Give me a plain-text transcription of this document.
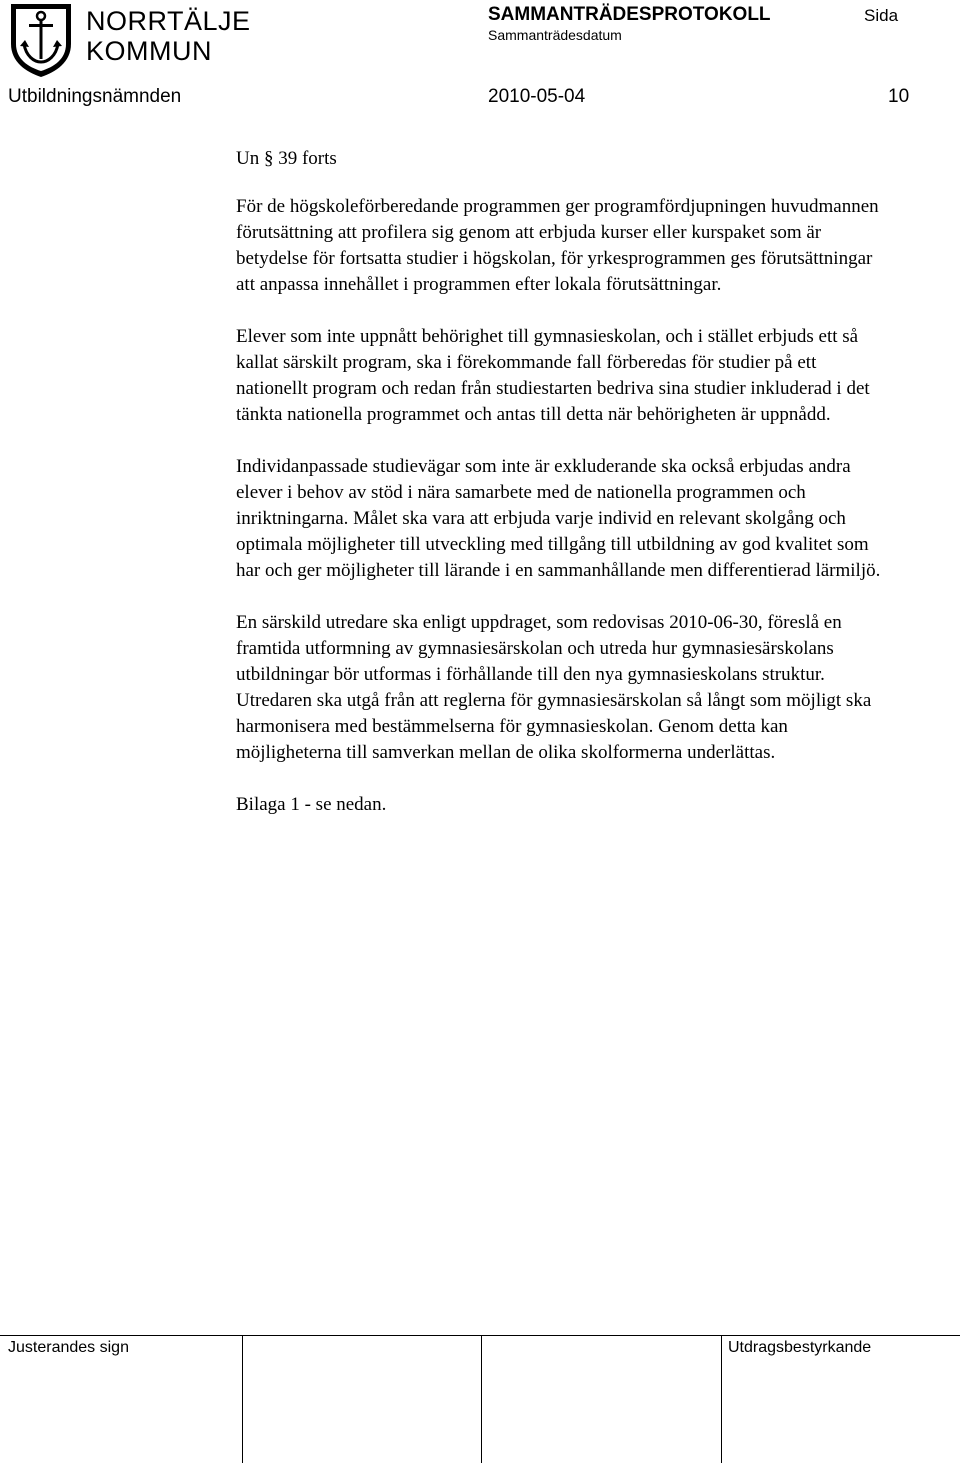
NORRTÄLJE
KOMMUN
SAMMANTRÄDESPROTOKOLL
Sammanträdesdatum
Sida
Utbildningsnämnden	2010-05-04	10
Un § 39 forts

För de högskoleförberedande programmen ger programfördjupningen huvudmannen förutsättning att profilera sig genom att erbjuda kurser eller kurspaket som är betydelse för fortsatta studier i högskolan, för yrkesprogrammen ges förutsättningar att anpassa innehållet i programmen efter lokala förutsättningar.

Elever som inte uppnått behörighet till gymnasieskolan, och i stället erbjuds ett så kallat särskilt program, ska i förekommande fall förberedas för studier på ett nationellt program och redan från studiestarten bedriva sina studier inkluderad i det tänkta nationella programmet och antas till detta när behörigheten är uppnådd.

Individanpassade studievägar som inte är exkluderande ska också erbjudas andra elever i behov av stöd i nära samarbete med de nationella programmen och inriktningarna. Målet ska vara att erbjuda varje individ en relevant skolgång och optimala möjligheter till utveckling med tillgång till utbildning av god kvalitet som har och ger möjligheter till lärande i en sammanhållande men differentierad lärmiljö.

En särskild utredare ska enligt uppdraget, som redovisas 2010-06-30, föreslå en framtida utformning av gymnasiesärskolan och utreda hur gymnasiesärskolans utbildningar bör utformas i förhållande till den nya gymnasieskolans struktur. Utredaren ska utgå från att reglerna för gymnasiesärskolan så långt som möjligt ska harmonisera med bestämmelserna för gymnasieskolan. Genom detta kan möjligheterna till samverkan mellan de olika skolformerna underlättas.

Bilaga 1 - se nedan.

Justerandes sign	Utdragsbestyrkande
